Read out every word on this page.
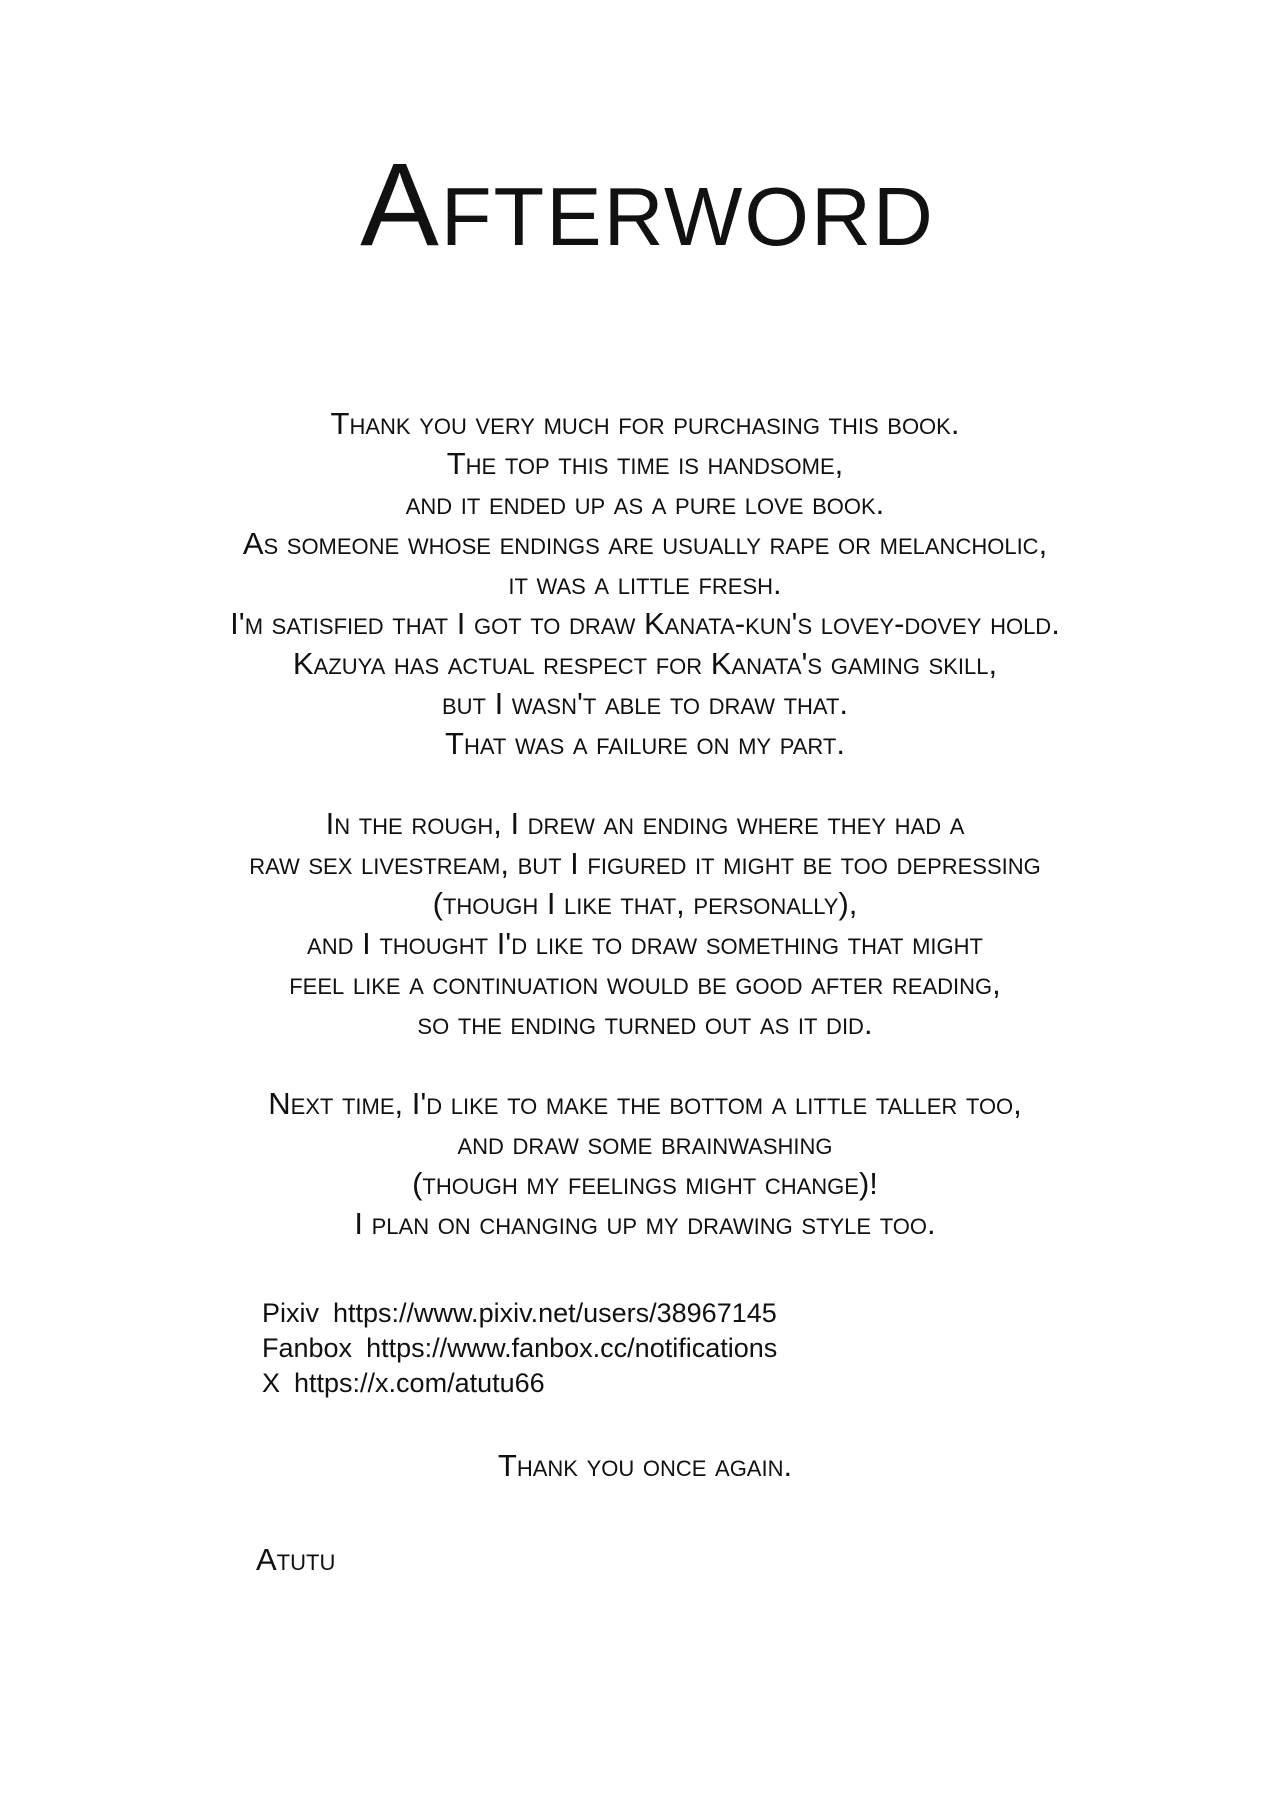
Afterword
Thank you very much for purchasing this book.
The top this time is handsome,
and it ended up as a pure love book.
As someone whose endings are usually rape or melancholic,
it was a little fresh.
I'm satisfied that I got to draw Kanata-kun's lovey-dovey hold.
Kazuya has actual respect for Kanata's gaming skill,
but I wasn't able to draw that.
That was a failure on my part.
In the rough, I drew an ending where they had a
raw sex livestream, but I figured it might be too depressing
(though I like that, personally),
and I thought I'd like to draw something that might
feel like a continuation would be good after reading,
so the ending turned out as it did.
Next time, I'd like to make the bottom a little taller too,
and draw some brainwashing
(though my feelings might change)!
I plan on changing up my drawing style too.
Pixiv https://www.pixiv.net/users/38967145
Fanbox https://www.fanbox.cc/notifications
X https://x.com/atutu66
Thank you once again.
Atutu
